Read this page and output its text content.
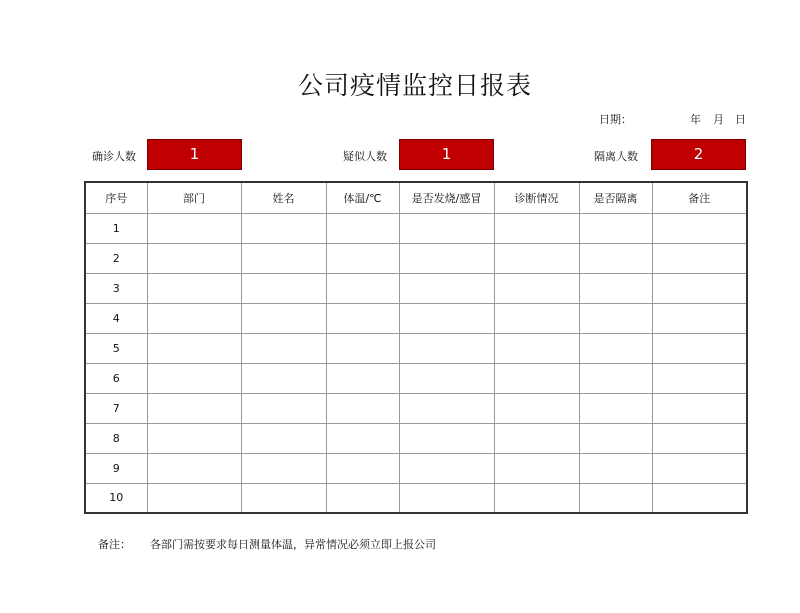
公司疫情监控日报表
日期：	年 月 日
确诊人数	1	疑似人数	1	隔离人数	2
序号	部门	姓名	体温/℃	是否发烧/感冒	诊断情况	是否隔离	备注
1							
2							
3							
4							
5							
6							
7							
8							
9							
10							
备注： 各部门需按要求每日测量体温，异常情况必须立即上报公司
